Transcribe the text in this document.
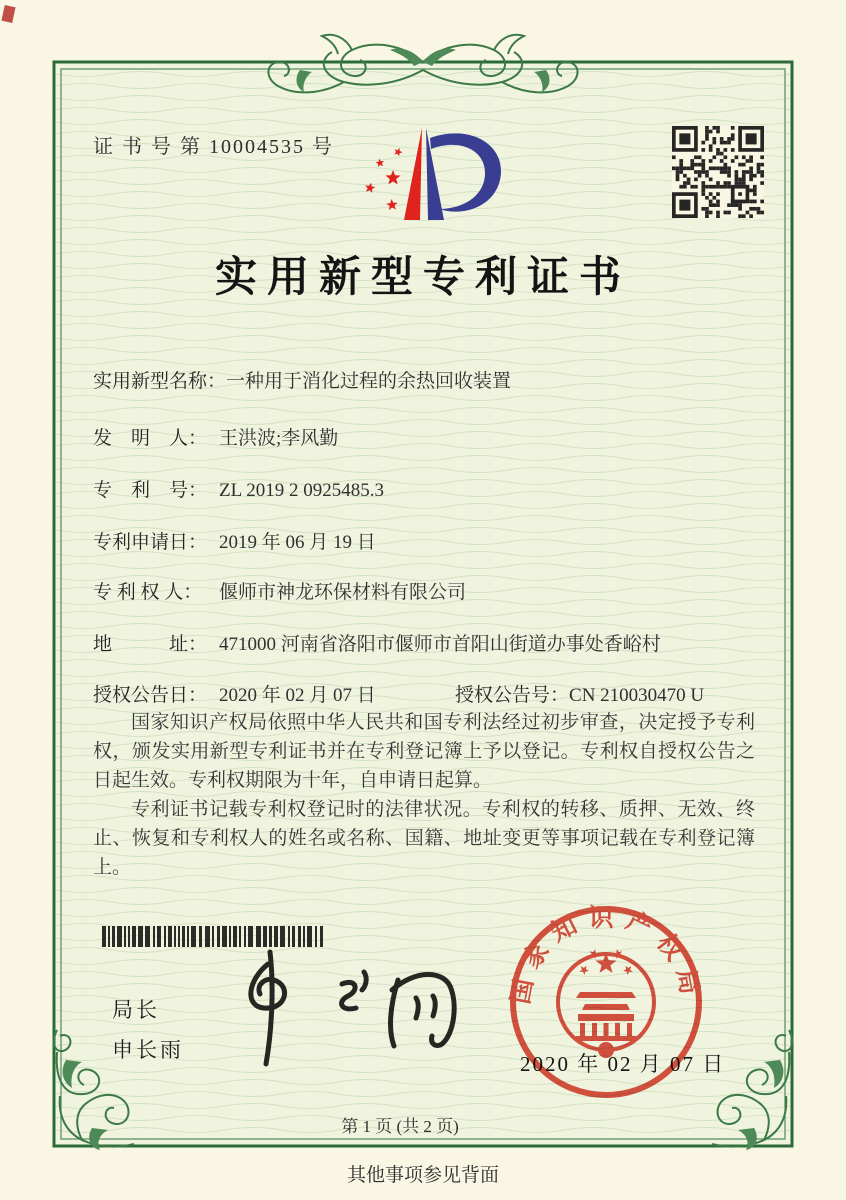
证 书 号 第 10004535 号
实用新型专利证书
实用新型名称：一种用于消化过程的余热回收装置
发　明　人： 王洪波;李风勤
专　利　号： ZL 2019 2 0925485.3
专利申请日： 2019 年 06 月 19 日
专 利 权 人： 偃师市神龙环保材料有限公司
地　　　址： 471000 河南省洛阳市偃师市首阳山街道办事处香峪村
授权公告日： 2020 年 02 月 07 日	授权公告号：CN 210030470 U

国家知识产权局依照中华人民共和国专利法经过初步审查，决定授予专利权，颁发实用新型专利证书并在专利登记簿上予以登记。专利权自授权公告之日起生效。专利权期限为十年，自申请日起算。

专利证书记载专利权登记时的法律状况。专利权的转移、质押、无效、终止、恢复和专利权人的姓名或名称、国籍、地址变更等事项记载在专利登记簿上。

局长
申长雨
国家知识产权局
2020 年 02 月 07 日
第 1 页 (共 2 页)
其他事项参见背面
